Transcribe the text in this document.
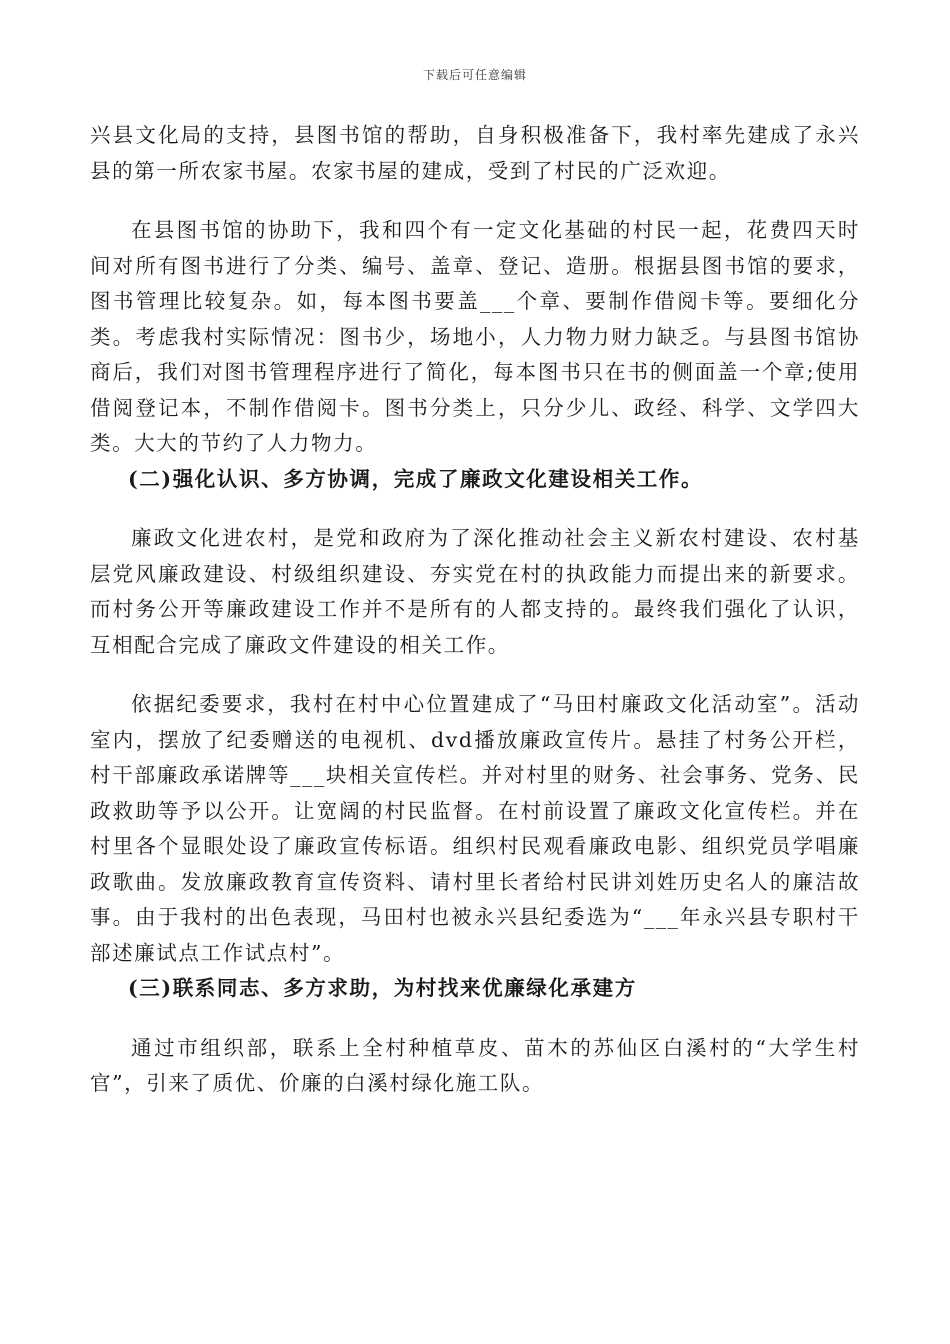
下载后可任意编辑

兴县文化局的支持，县图书馆的帮助，自身积极准备下，我村率先建成了永兴县的第一所农家书屋。农家书屋的建成，受到了村民的广泛欢迎。

在县图书馆的协助下，我和四个有一定文化基础的村民一起，花费四天时间对所有图书进行了分类、编号、盖章、登记、造册。根据县图书馆的要求，图书管理比较复杂。如，每本图书要盖___个章、要制作借阅卡等。要细化分类。考虑我村实际情况：图书少，场地小，人力物力财力缺乏。与县图书馆协商后，我们对图书管理程序进行了简化，每本图书只在书的侧面盖一个章;使用借阅登记本，不制作借阅卡。图书分类上，只分少儿、政经、科学、文学四大类。大大的节约了人力物力。

(二)强化认识、多方协调，完成了廉政文化建设相关工作。

廉政文化进农村，是党和政府为了深化推动社会主义新农村建设、农村基层党风廉政建设、村级组织建设、夯实党在村的执政能力而提出来的新要求。而村务公开等廉政建设工作并不是所有的人都支持的。最终我们强化了认识，互相配合完成了廉政文件建设的相关工作。

依据纪委要求，我村在村中心位置建成了“马田村廉政文化活动室”。活动室内，摆放了纪委赠送的电视机、dvd播放廉政宣传片。悬挂了村务公开栏，村干部廉政承诺牌等___块相关宣传栏。并对村里的财务、社会事务、党务、民政救助等予以公开。让宽阔的村民监督。在村前设置了廉政文化宣传栏。并在村里各个显眼处设了廉政宣传标语。组织村民观看廉政电影、组织党员学唱廉政歌曲。发放廉政教育宣传资料、请村里长者给村民讲刘姓历史名人的廉洁故事。由于我村的出色表现，马田村也被永兴县纪委选为“___年永兴县专职村干部述廉试点工作试点村”。

(三)联系同志、多方求助，为村找来优廉绿化承建方

通过市组织部，联系上全村种植草皮、苗木的苏仙区白溪村的“大学生村官”，引来了质优、价廉的白溪村绿化施工队。
